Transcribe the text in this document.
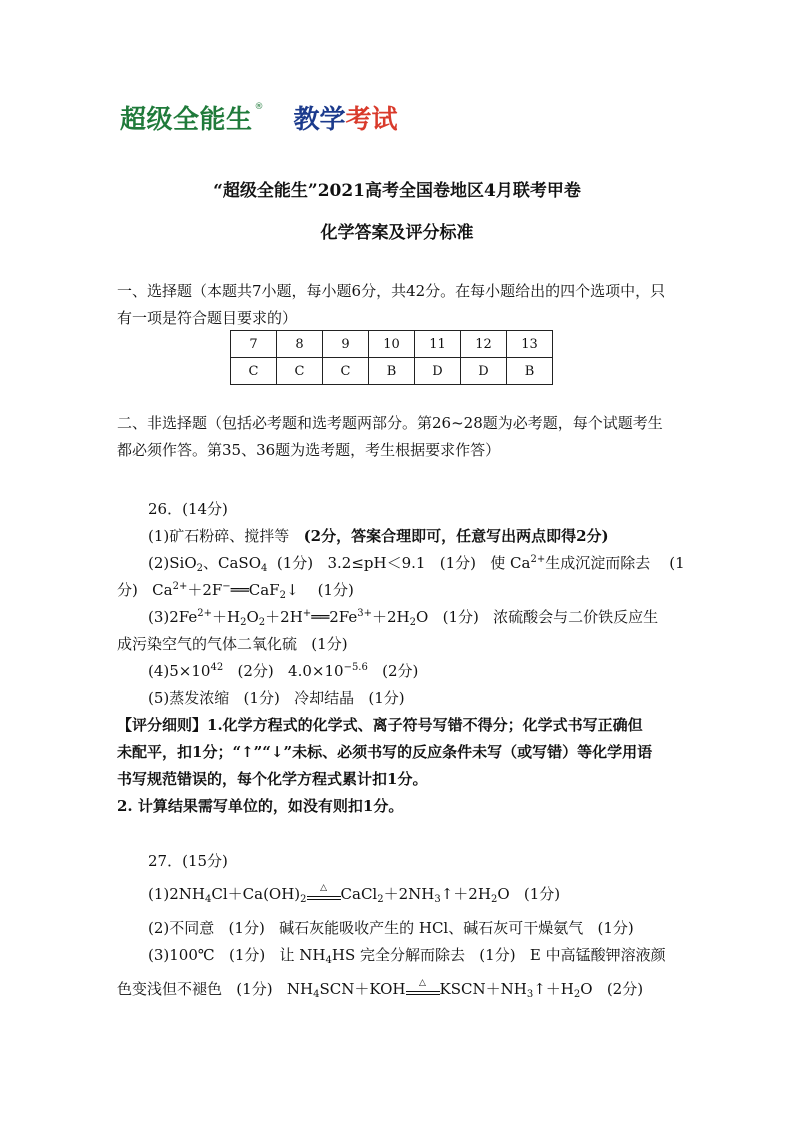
超级全能生 ® 教学考试
“超级全能生”2021高考全国卷地区4月联考甲卷
化学答案及评分标准
一、选择题（本题共7小题，每小题6分，共42分。在每小题给出的四个选项中，只有一项是符合题目要求的）
7	8	9	10	11	12	13
C	C	C	B	D	D	B
二、非选择题（包括必考题和选考题两部分。第26~28题为必考题，每个试题考生都必须作答。第35、36题为选考题，考生根据要求作答）
26．(14分)
(1)矿石粉碎、搅拌等 (2分，答案合理即可，任意写出两点即得2分)
(2)SiO$_2$、CaSO$_4$  (1分)   3.2≤pH＜9.1   (1分)   使 $Ca^{2+}$生成沉淀而除去    (1
分)   $Ca^{2+}+2F^-══CaF_2↓$    (1分)
$(3)2Fe^{2+}+H_2O_2+2H^+══2Fe^{3+}+2H_2O$   (1分)   浓硫酸会与二价铁反应生
成污染空气的气体二氧化硫   (1分)
$(4)5\times 10^{42}$   (2分)   $4.0\times 10^{-5.6}$   (2分)
(5)蒸发浓缩   (1分)   冷却结晶   (1分)
【评分细则】1.化学方程式的化学式、离子符号写错不得分；化学式书写正确但
未配平，扣1分；“↑”“↓”未标、必须书写的反应条件未写（或写错）等化学用语
书写规范错误的，每个化学方程式累计扣1分。
2. 计算结果需写单位的，如没有则扣1分。
27．(15分)
$(1)2NH_4Cl+Ca(OH)_2$
△ $CaCl_2+2NH_3↑+2H_2O$   (1分)
(2)不同意   (1分)   碱石灰能吸收产生的 HCl、碱石灰可干燥氨气   (1分)
(3)100℃   (1分)   让 $NH_4HS$ 完全分解而除去   (1分)   E 中高锰酸钾溶液颜
色变浅但不褪色   (1分)   $NH_4SCN+KOH$	△ $KSCN+NH_3↑+H_2O$   (2分)
